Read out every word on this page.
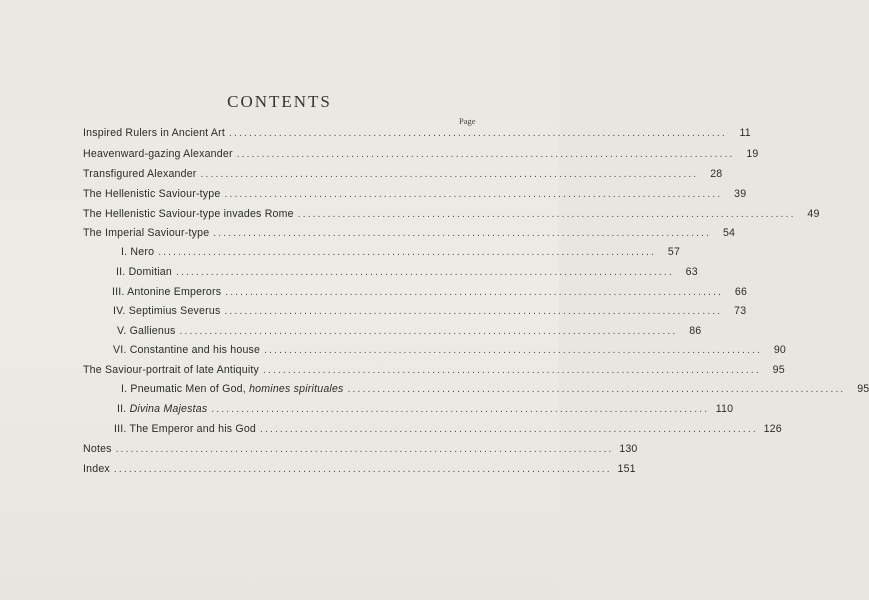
CONTENTS
Page
Inspired Rulers in Ancient Art ....................................................................................................	11
Heavenward-gazing Alexander ....................................................................................................	19
Transfigured Alexander ....................................................................................................	28
The Hellenistic Saviour-type ....................................................................................................	39
The Hellenistic Saviour-type invades Rome ....................................................................................................	49
The Imperial Saviour-type ....................................................................................................	54
I. Nero ....................................................................................................	57
II. Domitian ....................................................................................................	63
III. Antonine Emperors ....................................................................................................	66
IV. Septimius Severus ....................................................................................................	73
V. Gallienus ....................................................................................................	86
VI. Constantine and his house ....................................................................................................	90
The Saviour-portrait of late Antiquity ....................................................................................................	95
I. Pneumatic Men of God, homines spirituales ....................................................................................................	95
II. Divina Majestas .................................................................................................... 110
III. The Emperor and his God .................................................................................................... 126
Notes .................................................................................................... 130
Index .................................................................................................... 151
